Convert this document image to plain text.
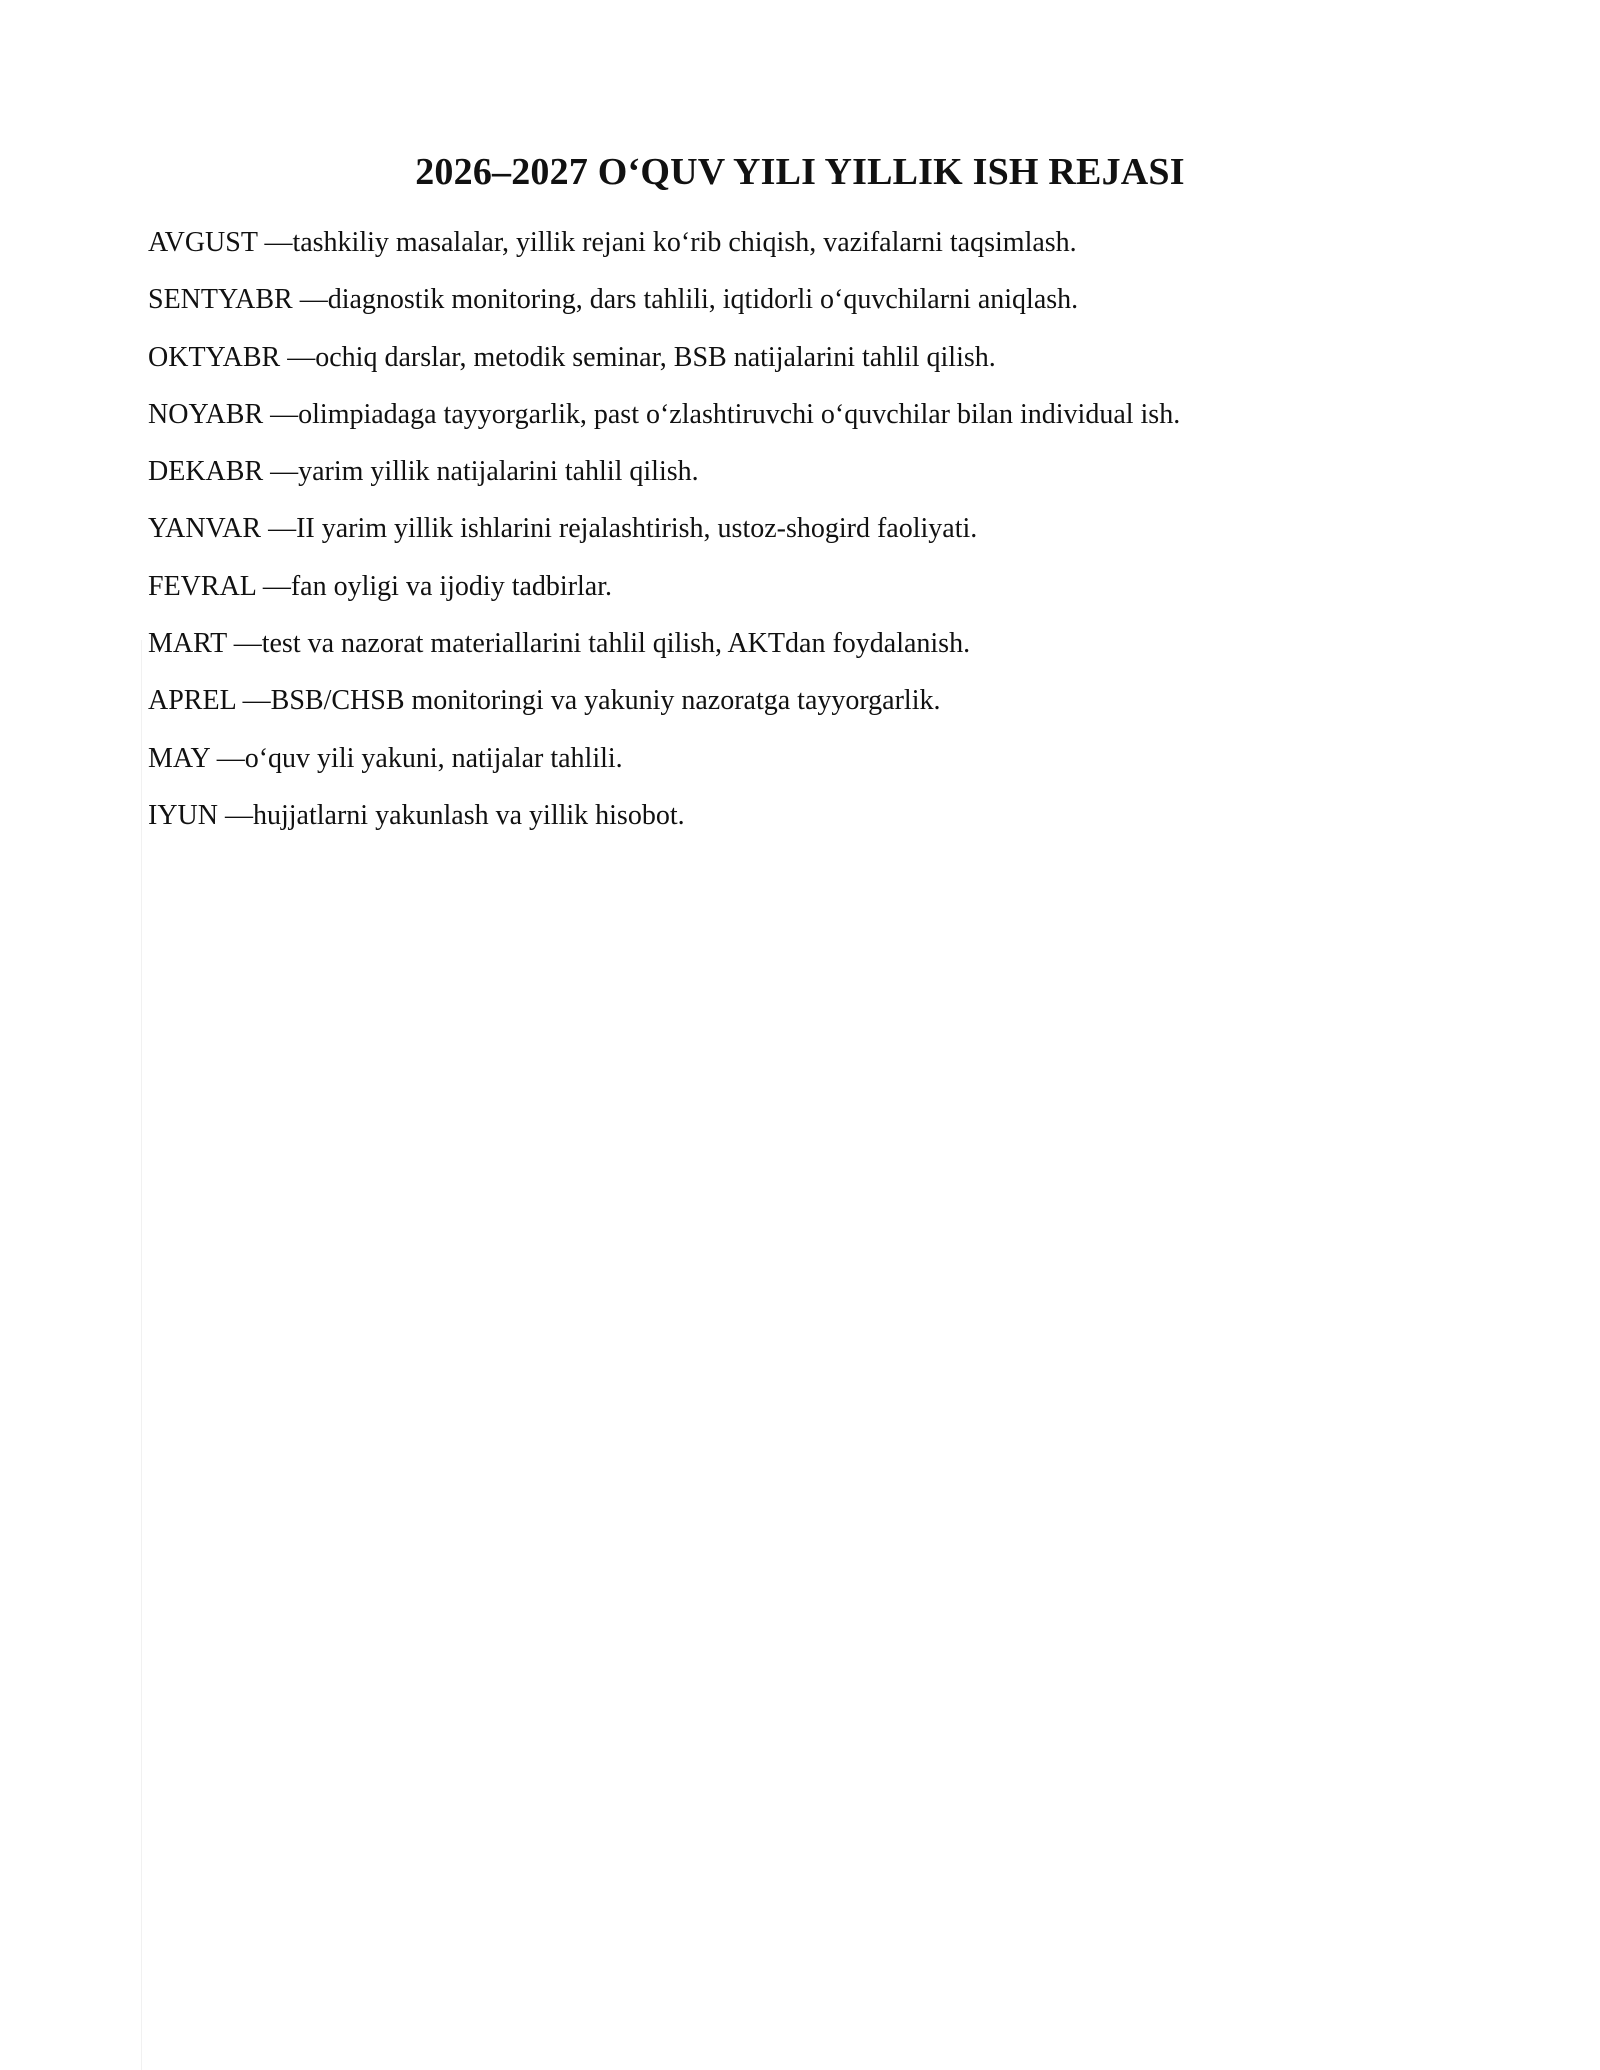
2026–2027 O‘QUV YILI YILLIK ISH REJASI
AVGUST — tashkiliy masalalar, yillik rejani ko‘rib chiqish, vazifalarni taqsimlash.
SENTYABR — diagnostik monitoring, dars tahlili, iqtidorli o‘quvchilarni aniqlash.
OKTYABR — ochiq darslar, metodik seminar, BSB natijalarini tahlil qilish.
NOYABR — olimpiadaga tayyorgarlik, past o‘zlashtiruvchi o‘quvchilar bilan individual ish.
DEKABR — yarim yillik natijalarini tahlil qilish.
YANVAR — II yarim yillik ishlarini rejalashtirish, ustoz-shogird faoliyati.
FEVRAL — fan oyligi va ijodiy tadbirlar.
MART — test va nazorat materiallarini tahlil qilish, AKTdan foydalanish.
APREL — BSB/CHSB monitoringi va yakuniy nazoratga tayyorgarlik.
MAY — o‘quv yili yakuni, natijalar tahlili.
IYUN — hujjatlarni yakunlash va yillik hisobot.
